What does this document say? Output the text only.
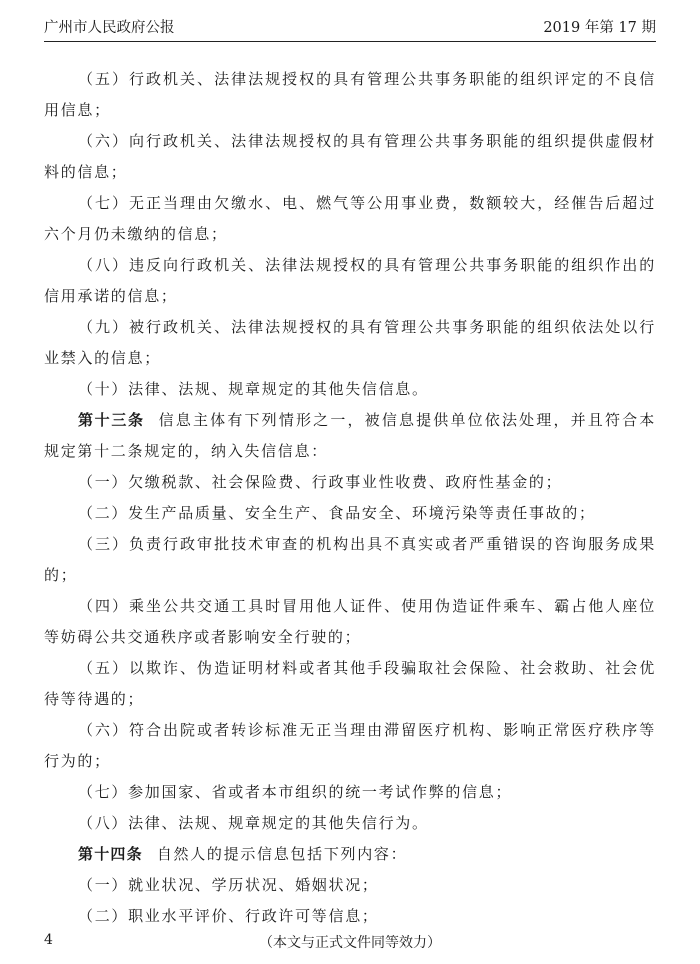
广州市人民政府公报	2019 年第 17 期

（五）行政机关、法律法规授权的具有管理公共事务职能的组织评定的不良信用信息；

（六）向行政机关、法律法规授权的具有管理公共事务职能的组织提供虚假材料的信息；

（七）无正当理由欠缴水、电、燃气等公用事业费，数额较大，经催告后超过六个月仍未缴纳的信息；

（八）违反向行政机关、法律法规授权的具有管理公共事务职能的组织作出的信用承诺的信息；

（九）被行政机关、法律法规授权的具有管理公共事务职能的组织依法处以行业禁入的信息；

（十）法律、法规、规章规定的其他失信信息。

第十三条 信息主体有下列情形之一，被信息提供单位依法处理，并且符合本规定第十二条规定的，纳入失信信息：

（一）欠缴税款、社会保险费、行政事业性收费、政府性基金的；

（二）发生产品质量、安全生产、食品安全、环境污染等责任事故的；

（三）负责行政审批技术审查的机构出具不真实或者严重错误的咨询服务成果的；

（四）乘坐公共交通工具时冒用他人证件、使用伪造证件乘车、霸占他人座位等妨碍公共交通秩序或者影响安全行驶的；

（五）以欺诈、伪造证明材料或者其他手段骗取社会保险、社会救助、社会优待等待遇的；

（六）符合出院或者转诊标准无正当理由滞留医疗机构、影响正常医疗秩序等行为的；

（七）参加国家、省或者本市组织的统一考试作弊的信息；

（八）法律、法规、规章规定的其他失信行为。

第十四条 自然人的提示信息包括下列内容：

（一）就业状况、学历状况、婚姻状况；

（二）职业水平评价、行政许可等信息；

4	（本文与正式文件同等效力）
